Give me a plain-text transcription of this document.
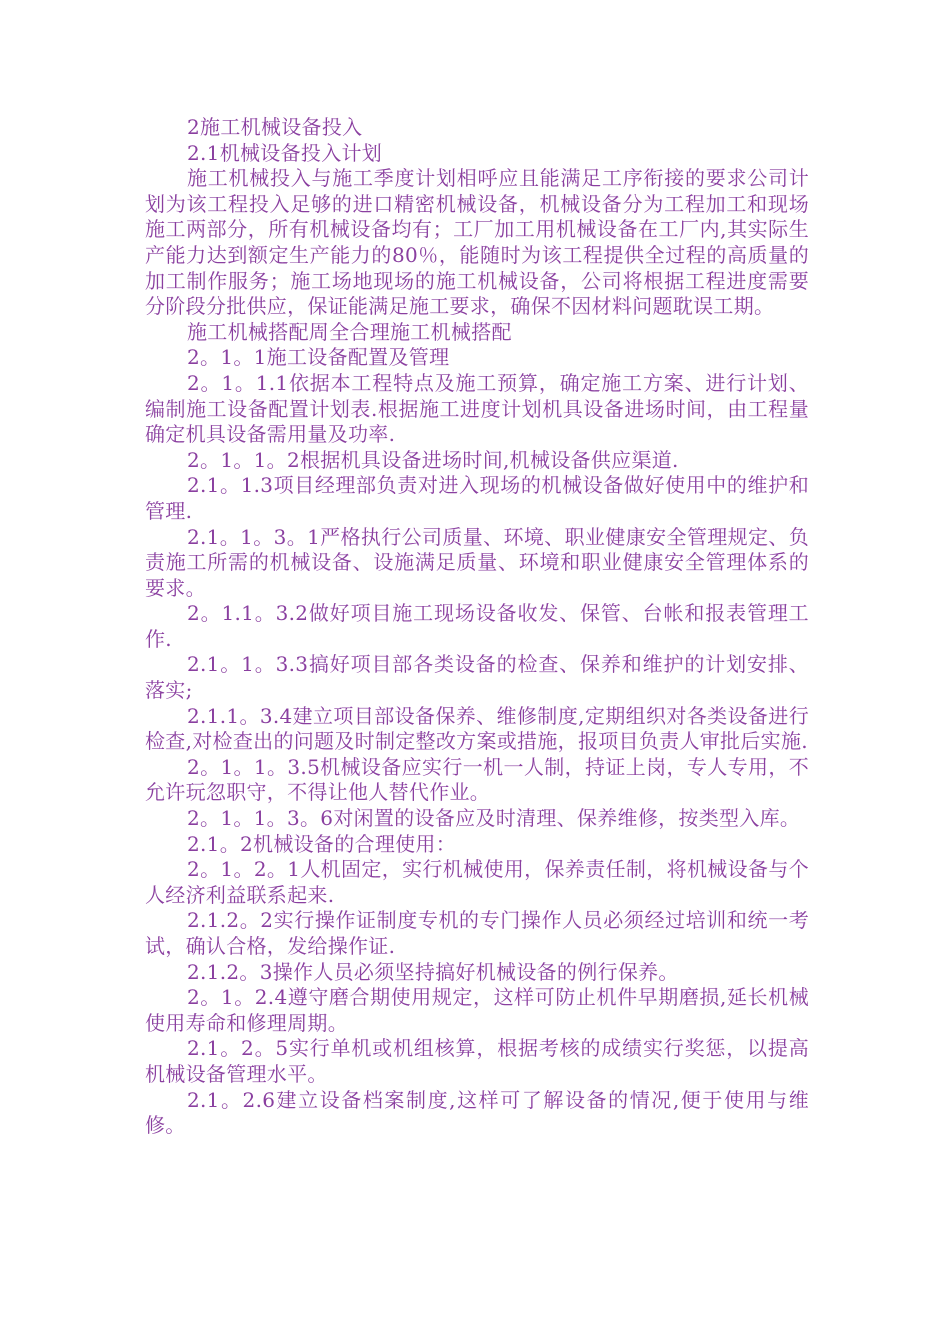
2施工机械设备投入

2.1机械设备投入计划

施工机械投入与施工季度计划相呼应且能满足工序衔接的要求公司计划为该工程投入足够的进口精密机械设备，机械设备分为工程加工和现场施工两部分，所有机械设备均有；工厂加工用机械设备在工厂内,其实际生产能力达到额定生产能力的80％，能随时为该工程提供全过程的高质量的加工制作服务；施工场地现场的施工机械设备，公司将根据工程进度需要分阶段分批供应，保证能满足施工要求，确保不因材料问题耽误工期。

施工机械搭配周全合理施工机械搭配

2。1。1施工设备配置及管理

2。1。1.1依据本工程特点及施工预算，确定施工方案、进行计划、编制施工设备配置计划表.根据施工进度计划机具设备进场时间，由工程量确定机具设备需用量及功率.

2。1。1。2根据机具设备进场时间,机械设备供应渠道.

2.1。1.3项目经理部负责对进入现场的机械设备做好使用中的维护和管理.

2.1。1。3。1严格执行公司质量、环境、职业健康安全管理规定、负责施工所需的机械设备、设施满足质量、环境和职业健康安全管理体系的要求。

2。1.1。3.2做好项目施工现场设备收发、保管、台帐和报表管理工作.

2.1。1。3.3搞好项目部各类设备的检查、保养和维护的计划安排、落实;

2.1.1。3.4建立项目部设备保养、维修制度,定期组织对各类设备进行检查,对检查出的问题及时制定整改方案或措施，报项目负责人审批后实施.

2。1。1。3.5机械设备应实行一机一人制，持证上岗，专人专用，不允许玩忽职守，不得让他人替代作业。

2。1。1。3。6对闲置的设备应及时清理、保养维修，按类型入库。

2.1。2机械设备的合理使用：

2。1。2。1人机固定，实行机械使用，保养责任制，将机械设备与个人经济利益联系起来.

2.1.2。2实行操作证制度专机的专门操作人员必须经过培训和统一考试，确认合格，发给操作证.

2.1.2。3操作人员必须坚持搞好机械设备的例行保养。

2。1。2.4遵守磨合期使用规定，这样可防止机件早期磨损,延长机械使用寿命和修理周期。

2.1。2。5实行单机或机组核算，根据考核的成绩实行奖惩，以提高机械设备管理水平。

2.1。2.6建立设备档案制度,这样可了解设备的情况,便于使用与维修。
